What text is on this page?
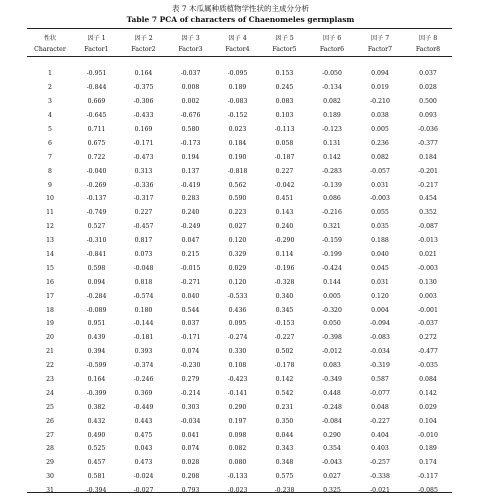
表 7 木瓜属种质植物学性状的主成分分析
Table 7 PCA of characters of Chaenomeles germplasm
性状	因子 1	因子 2	因子 3	因子 4	因子 5	因子 6	因子 7	因子 8
Character	Factor1	Factor2	Factor3	Factor4	Factor5	Factor6	Factor7	Factor8

1	-0.951	0.164	-0.037	-0.095	0.153	-0.050	0.094	0.037
2	-0.844	-0.375	0.008	0.189	0.245	-0.134	0.019	0.028
3	0.669	-0.306	0.002	-0.083	0.083	0.082	-0.210	0.500
4	-0.645	-0.433	-0.676	-0.152	0.103	0.189	0.038	0.093
5	0.711	0.169	0.580	0.023	-0.113	-0.123	0.005	-0.036
6	0.675	-0.171	-0.173	0.184	0.058	0.131	0.236	-0.377
7	0.722	-0.473	0.194	0.190	-0.187	0.142	0.082	0.184
8	-0.040	0.313	0.137	-0.818	0.227	-0.283	-0.057	-0.201
9	-0.269	-0.336	-0.419	0.562	-0.042	-0.139	0.031	-0.217
10	-0.137	-0.317	0.283	0.590	0.451	0.086	-0.003	0.454
11	-0.749	0.227	0.240	0.223	0.143	-0.216	0.055	0.352
12	0.527	-0.457	-0.249	0.027	0.240	0.321	0.035	-0.087
13	-0.310	0.817	0.047	0.120	-0.290	-0.159	0.188	-0.013
14	-0.841	0.073	0.215	0.329	0.114	-0.199	0.040	0.021
15	0.598	-0.048	-0.015	0.029	-0.196	-0.424	0.045	-0.003
16	0.094	0.818	-0.271	0.120	-0.328	0.144	0.031	0.130
17	-0.284	-0.574	0.040	-0.533	0.340	0.005	0.120	0.003
18	-0.089	0.180	0.544	0.436	0.345	-0.320	0.004	-0.001
19	0.951	-0.144	0.037	0.095	-0.153	0.050	-0.094	-0.037
20	0.439	-0.181	-0.171	-0.274	-0.227	-0.398	-0.083	0.272
21	0.394	0.393	0.074	0.330	0.502	-0.012	-0.034	-0.477
22	-0.599	-0.374	-0.230	0.108	-0.178	0.083	-0.319	-0.035
23	0.164	-0.246	0.279	-0.423	0.142	-0.349	0.587	0.084
24	-0.399	0.369	-0.214	-0.141	0.542	0.448	-0.077	0.142
25	0.382	-0.449	0.303	0.290	0.231	-0.248	0.048	0.029
26	0.432	0.443	-0.034	0.197	0.350	-0.084	-0.227	0.104
27	0.490	0.475	0.041	0.098	0.044	0.290	0.404	-0.010
28	0.525	0.043	0.074	0.082	0.343	0.354	0.403	0.189
29	0.457	0.473	0.028	0.080	0.348	-0.043	-0.257	0.174
30	0.581	-0.024	0.208	-0.133	0.575	0.027	-0.338	-0.117
31	-0.394	-0.027	0.793	-0.023	-0.238	0.325	-0.021	-0.085
